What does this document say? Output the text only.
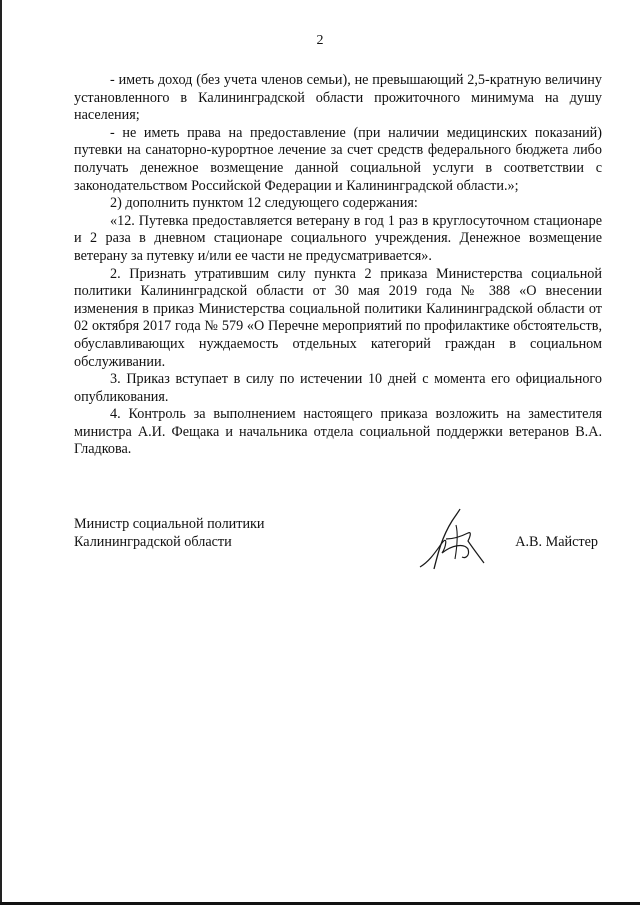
2

- иметь доход (без учета членов семьи), не превышающий 2,5-кратную величину установленного в Калининградской области прожиточного минимума на душу населения;

- не иметь права на предоставление (при наличии медицинских показаний) путевки на санаторно-курортное лечение за счет средств федерального бюджета либо получать денежное возмещение данной социальной услуги в соответствии с законодательством Российской Федерации и Калининградской области.»;

2) дополнить пунктом 12 следующего содержания:

«12. Путевка предоставляется ветерану в год 1 раз в круглосуточном стационаре и 2 раза в дневном стационаре социального учреждения. Денежное возмещение ветерану за путевку и/или ее части не предусматривается».

2. Признать утратившим силу пункта 2 приказа Министерства социальной политики Калининградской области от 30 мая 2019 года № 388 «О внесении изменения в приказ Министерства социальной политики Калининградской области от 02 октября 2017 года № 579 «О Перечне мероприятий по профилактике обстоятельств, обуславливающих нуждаемость отдельных категорий граждан в социальном обслуживании.

3. Приказ вступает в силу по истечении 10 дней с момента его официального опубликования.

4. Контроль за выполнением настоящего приказа возложить на заместителя министра А.И. Фещака и начальника отдела социальной поддержки ветеранов В.А. Гладкова.

Министр социальной политики
Калининградской области	А.В. Майстер
